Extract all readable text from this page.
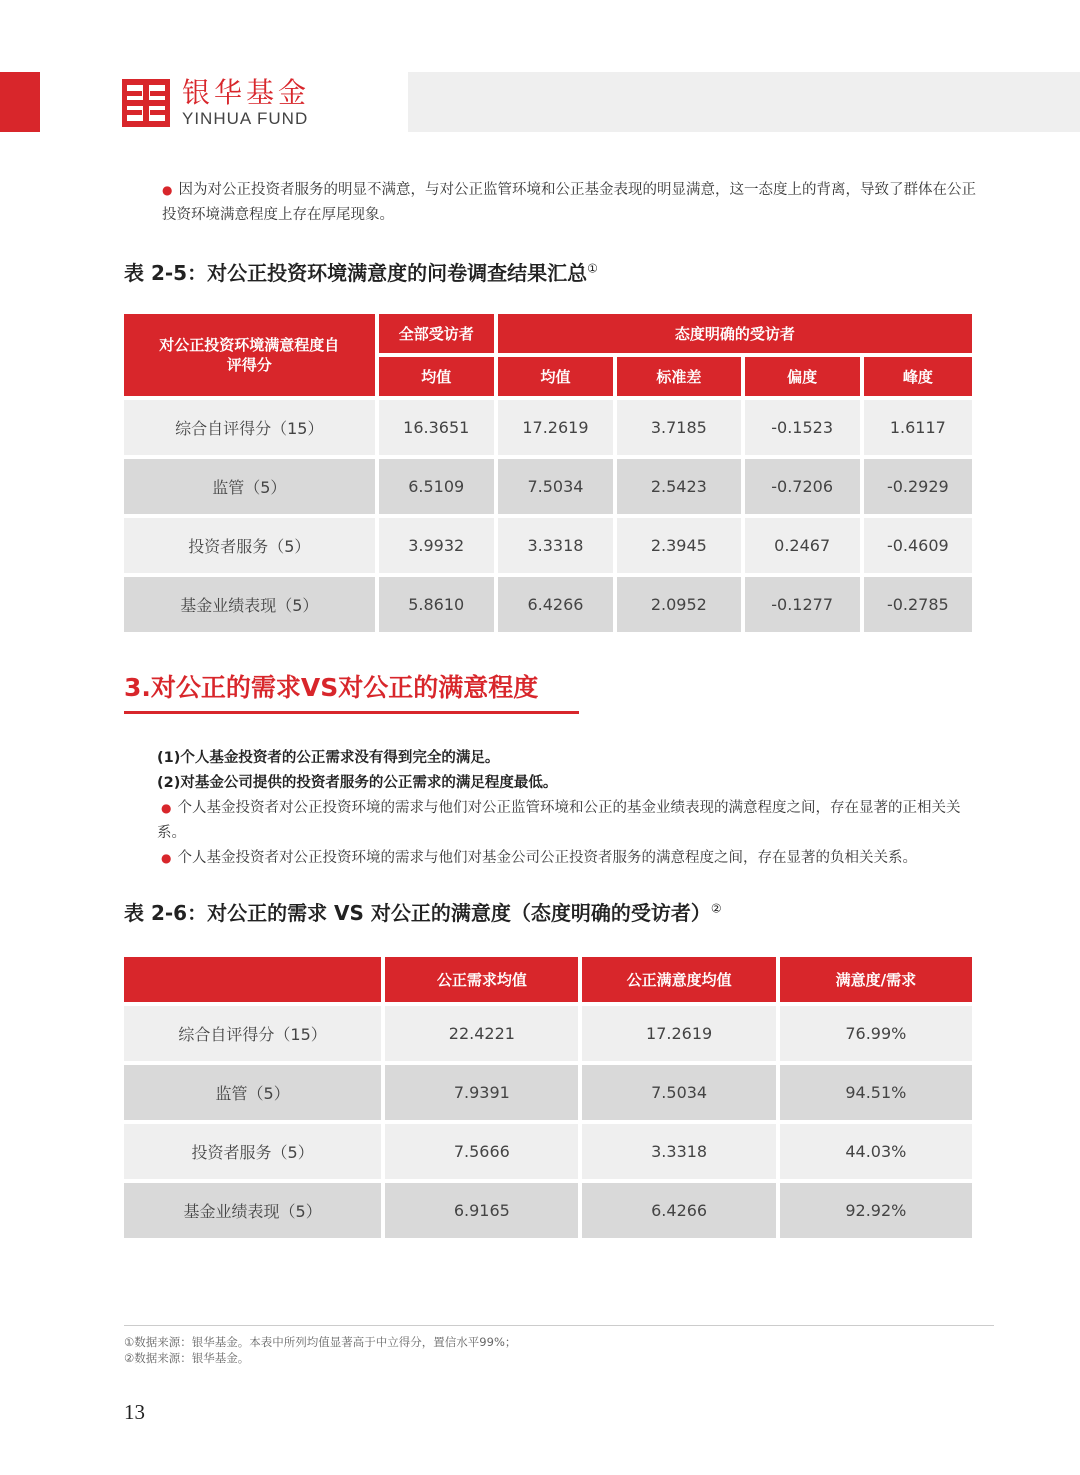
银华基金
YINHUA FUND

● 因为对公正投资者服务的明显不满意，与对公正监管环境和公正基金表现的明显满意，这一态度上的背离，导致了群体在公正投资环境满意程度上存在厚尾现象。

表 2-5：对公正投资环境满意度的问卷调查结果汇总①
对公正投资环境满意程度自评得分	全部受访者	态度明确的受访者			
	均值	均值	标准差	偏度	峰度
综合自评得分（15）	16.3651	17.2619	3.7185	-0.1523	1.6117
监管（5）	6.5109	7.5034	2.5423	-0.7206	-0.2929
投资者服务（5）	3.9932	3.3318	2.3945	0.2467	-0.4609
基金业绩表现（5）	5.8610	6.4266	2.0952	-0.1277	-0.2785
3.对公正的需求VS对公正的满意程度
(1)个人基金投资者的公正需求没有得到完全的满足。
(2)对基金公司提供的投资者服务的公正需求的满足程度最低。
● 个人基金投资者对公正投资环境的需求与他们对公正监管环境和公正的基金业绩表现的满意程度之间，存在显著的正相关关系。
● 个人基金投资者对公正投资环境的需求与他们对基金公司公正投资者服务的满意程度之间，存在显著的负相关关系。
表 2-6：对公正的需求 VS 对公正的满意度（态度明确的受访者）②
	公正需求均值	公正满意度均值	满意度/需求
综合自评得分（15）	22.4221	17.2619	76.99%
监管（5）	7.9391	7.5034	94.51%
投资者服务（5）	7.5666	3.3318	44.03%
基金业绩表现（5）	6.9165	6.4266	92.92%
①数据来源：银华基金。本表中所列均值显著高于中立得分，置信水平99%；
②数据来源：银华基金。
13
